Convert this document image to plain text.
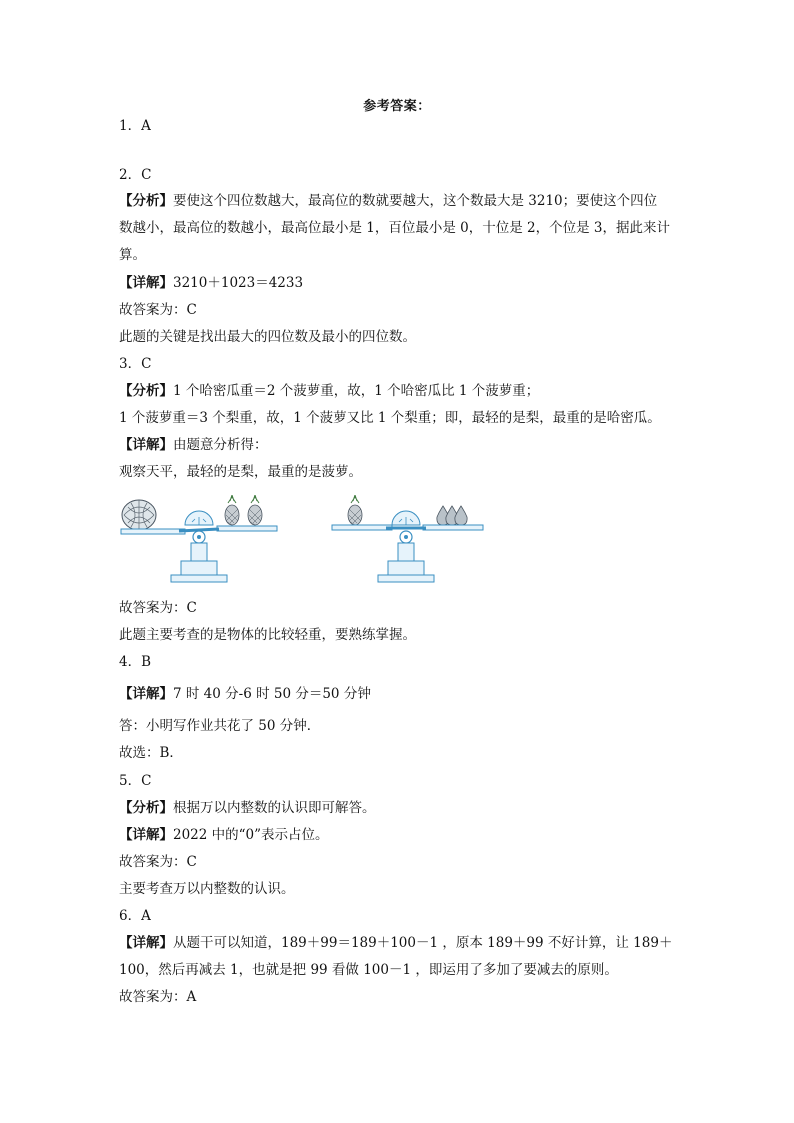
参考答案：
1．A
2．C
【分析】要使这个四位数越大，最高位的数就要越大，这个数最大是 3210；要使这个四位
数越小，最高位的数越小，最高位最小是 1，百位最小是 0，十位是 2，个位是 3，据此来计
算。
【详解】3210＋1023＝4233
故答案为：C
此题的关键是找出最大的四位数及最小的四位数。
3．C
【分析】1 个哈密瓜重＝2 个菠萝重，故，1 个哈密瓜比 1 个菠萝重；
1 个菠萝重＝3 个梨重，故，1 个菠萝又比 1 个梨重；即，最轻的是梨，最重的是哈密瓜。
【详解】由题意分析得：
观察天平，最轻的是梨，最重的是菠萝。
故答案为：C
此题主要考查的是物体的比较轻重，要熟练掌握。
4．B
【详解】7 时 40 分-6 时 50 分＝50 分钟
答：小明写作业共花了 50 分钟．
故选：B．
5．C
【分析】根据万以内整数的认识即可解答。
【详解】2022 中的“0”表示占位。
故答案为：C
主要考查万以内整数的认识。
6．A
【详解】从题干可以知道，189＋99＝189＋100－1 ，原本 189＋99 不好计算，让 189＋
100，然后再减去 1，也就是把 99 看做 100－1 ，即运用了多加了要减去的原则。
故答案为：A
